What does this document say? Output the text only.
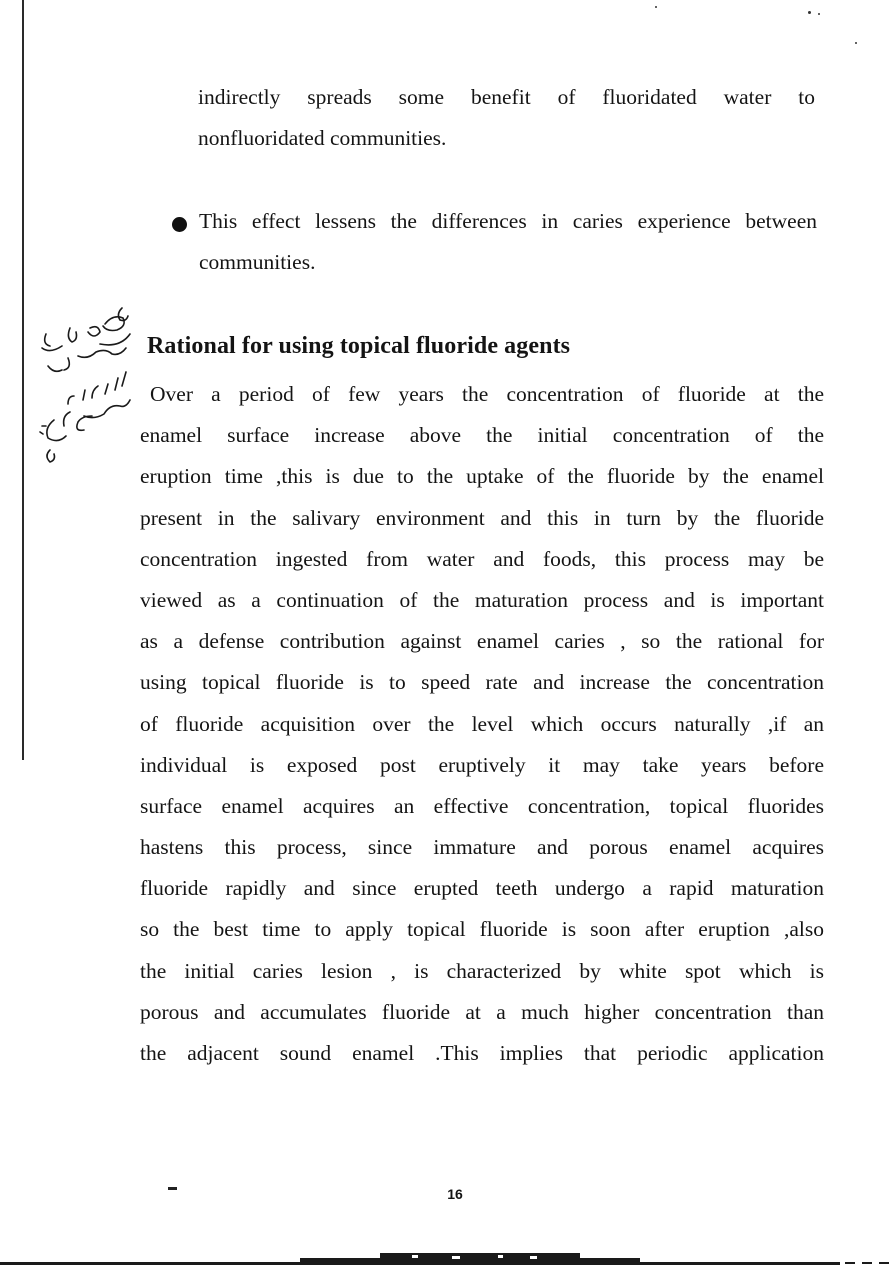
indirectly spreads some benefit of fluoridated water to
nonfluoridated communities.
This effect lessens the differences in caries experience between
communities.
Rational for using topical fluoride agents
Over a period of few years the concentration of fluoride at the
enamel surface increase above the initial concentration of the
eruption time ,this is due to the uptake of the fluoride by the enamel
present in the salivary environment and this in turn by the fluoride
concentration ingested from water and foods, this process may be
viewed as a continuation of the maturation process and is important
as a defense contribution against enamel caries , so the rational for
using topical fluoride is to speed rate and increase the concentration
of fluoride acquisition over the level which occurs naturally ,if an
individual is exposed post eruptively it may take years before
surface enamel acquires an effective concentration, topical fluorides
hastens this process, since immature and porous enamel acquires
fluoride rapidly and since erupted teeth undergo a rapid maturation
so the best time to apply topical fluoride is soon after eruption ,also
the initial caries lesion , is characterized by white spot which is
porous and accumulates fluoride at a much higher concentration than
the adjacent sound enamel .This implies that periodic application
16
